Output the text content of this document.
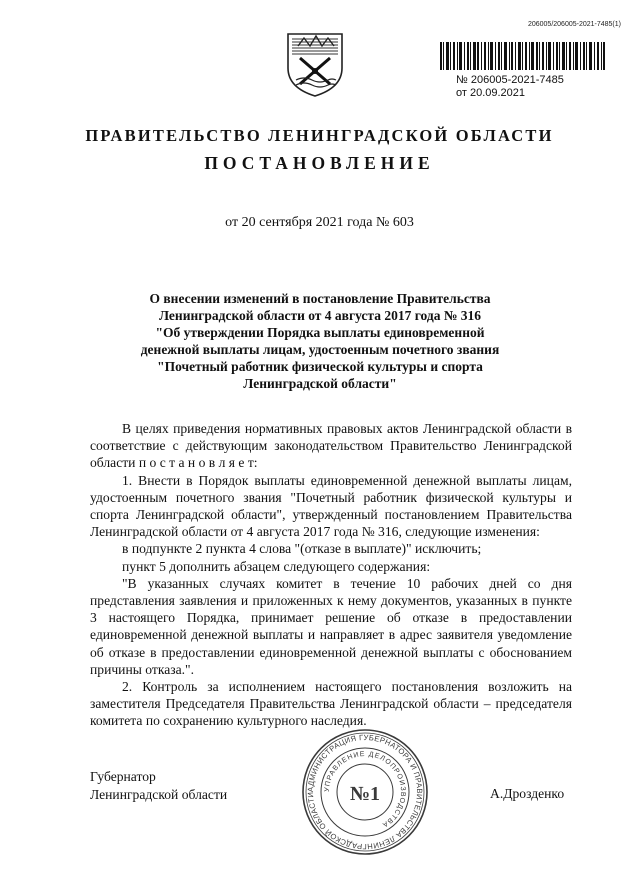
206005/206005-2021-7485(1)
№ 206005-2021-7485
от 20.09.2021
ПРАВИТЕЛЬСТВО ЛЕНИНГРАДСКОЙ ОБЛАСТИ
ПОСТАНОВЛЕНИЕ
от 20 сентября 2021 года № 603
О внесении изменений в постановление Правительства
Ленинградской области от 4 августа 2017 года № 316
"Об утверждении Порядка выплаты единовременной
денежной выплаты лицам, удостоенным почетного звания
"Почетный работник физической культуры и спорта
Ленинградской области"

В целях приведения нормативных правовых актов Ленинградской области в соответствие с действующим законодательством Правительство Ленинградской области п о с т а н о в л я е т:

1. Внести в Порядок выплаты единовременной денежной выплаты лицам, удостоенным почетного звания "Почетный работник физической культуры и спорта Ленинградской области", утвержденный постановлением Правительства Ленинградской области от 4 августа 2017 года № 316, следующие изменения:

в подпункте 2 пункта 4 слова "(отказе в выплате)" исключить;

пункт 5 дополнить абзацем следующего содержания:

"В указанных случаях комитет в течение 10 рабочих дней со дня представления заявления и приложенных к нему документов, указанных в пункте 3 настоящего Порядка, принимает решение об отказе в предоставлении единовременной денежной выплаты и направляет в адрес заявителя уведомление об отказе в предоставлении единовременной денежной выплаты с обоснованием причины отказа.".

2. Контроль за исполнением настоящего постановления возложить на заместителя Председателя Правительства Ленинградской области – председателя комитета по сохранению культурного наследия.

АДМИНИСТРАЦИЯ ГУБЕРНАТОРА И ПРАВИТЕЛЬСТВА ЛЕНИНГРАДСКОЙ ОБЛАСТИ
УПРАВЛЕНИЕ ДЕЛОПРОИЗВОДСТВА
№1
Губернатор
Ленинградской области	А.Дрозденко
